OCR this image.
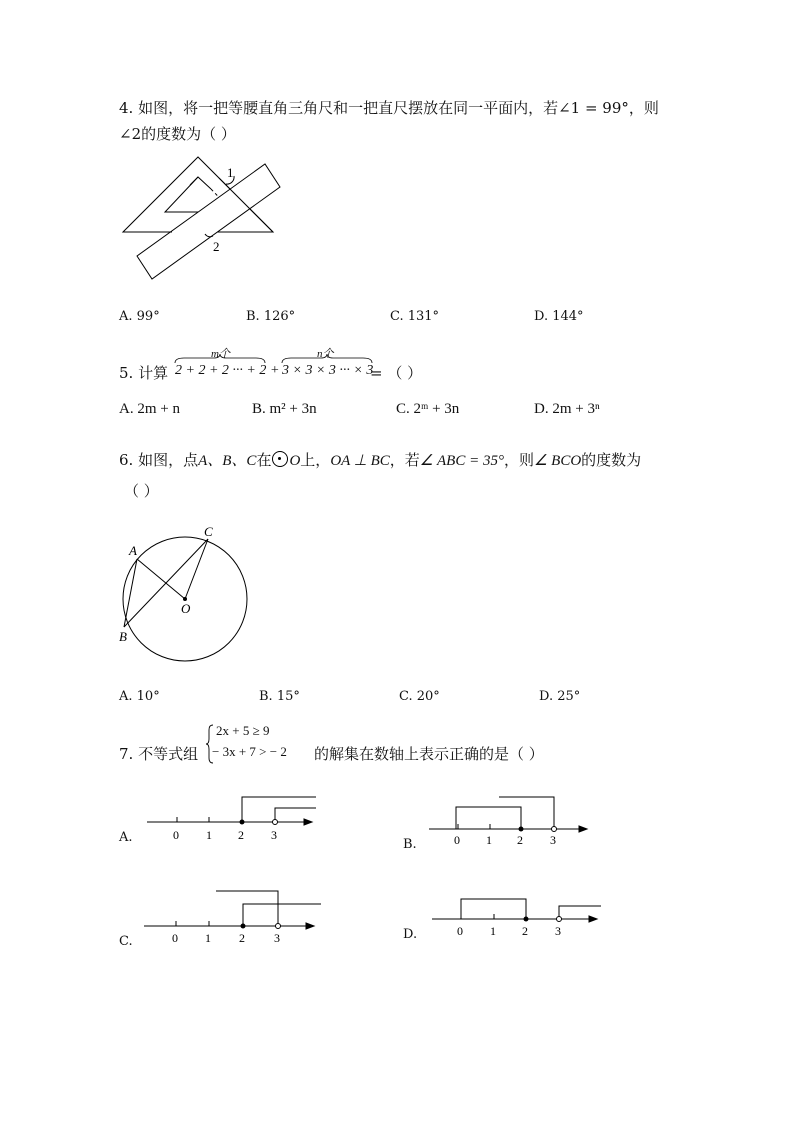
4. 如图，将一把等腰直角三角尺和一把直尺摆放在同一平面内，若∠1 = 99°，则
∠2的度数为（ ）
1
2
A. 99°	B. 126°	C. 131°	D. 144°
5. 计算
m个
2 + 2 + 2 ··· + 2 +
n个
3 × 3 × 3 ··· × 3
= （ ）
A. 2m + n	B. m² + 3n	C. 2ᵐ + 3n	D. 2m + 3ⁿ
6. 如图，点A、B、C在 O上，OA ⊥ BC，若∠ ABC = 35°，则∠ BCO的度数为
（ ）
A
B
C
O
A. 10°	B. 15°	C. 20°	D. 25°
7. 不等式组
2x + 5 ≥ 9
− 3x + 7 > − 2 的解集在数轴上表示正确的是（ ）
A.	0 1 2 3
B.	0 1 2 3
C.	0 1 2 3	D.	0 1 2 3
